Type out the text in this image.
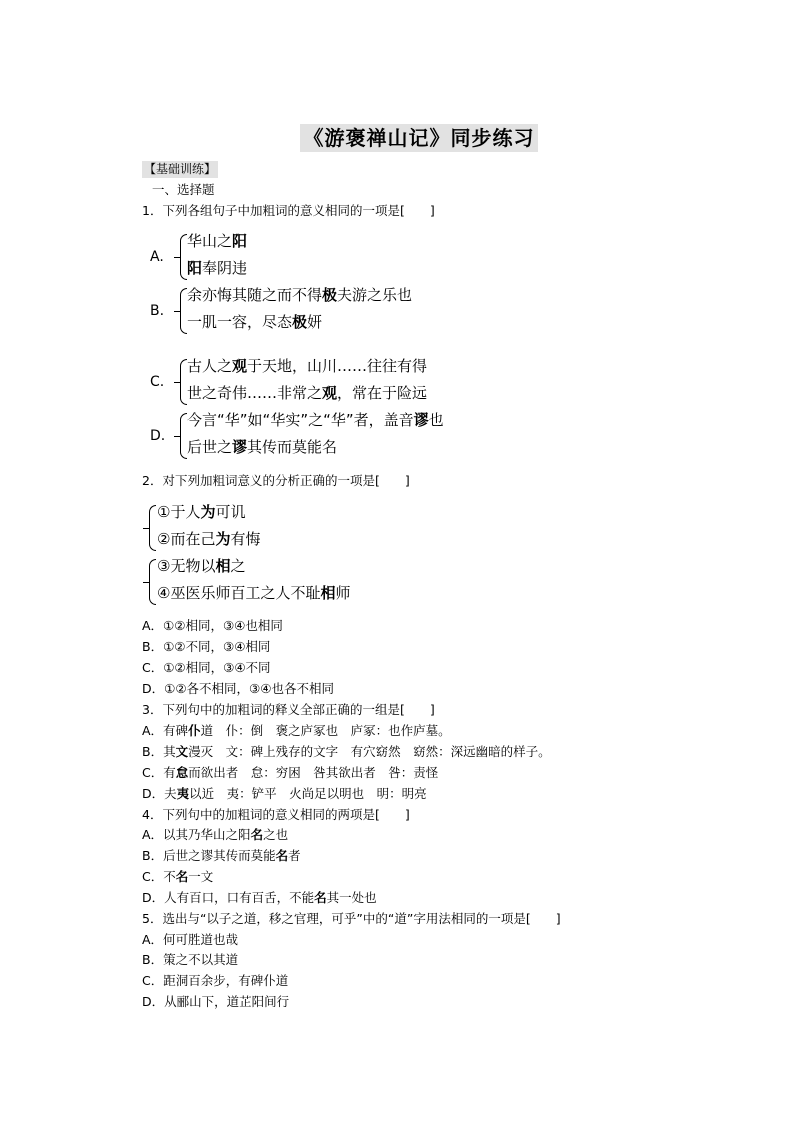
《游褒禅山记》同步练习
【基础训练】
一、选择题
1．下列各组句子中加粗词的意义相同的一项是[　　]
A.
华山之阳
阳奉阴违
B.
余亦悔其随之而不得极夫游之乐也
一肌一容，尽态极妍
C.
古人之观于天地，山川……往往有得
世之奇伟……非常之观，常在于险远
D.
今言“华”如“华实”之“华”者，盖音谬也
后世之谬其传而莫能名
2．对下列加粗词意义的分析正确的一项是[　　]
①于人为可讥
②而在己为有悔
③无物以相之
④巫医乐师百工之人不耻相师
A．①②相同，③④也相同
B．①②不同，③④相同
C．①②相同，③④不同
D．①②各不相同，③④也各不相同
3．下列句中的加粗词的释义全部正确的一组是[　　]
A．有碑仆道　仆：倒　褒之庐冢也　庐冢：也作庐墓。
B．其文漫灭　文：碑上残存的文字　有穴窈然　窈然：深远幽暗的样子。
C．有怠而欲出者　怠：穷困　咎其欲出者　咎：责怪
D．夫夷以近　夷：铲平　火尚足以明也　明：明亮
4．下列句中的加粗词的意义相同的两项是[　　]
A．以其乃华山之阳名之也
B．后世之谬其传而莫能名者
C．不名一文
D．人有百口，口有百舌，不能名其一处也
5．选出与“以子之道，移之官理，可乎”中的“道”字用法相同的一项是[　　]
A．何可胜道也哉
B．策之不以其道
C．距洞百余步，有碑仆道
D．从郦山下，道芷阳间行
